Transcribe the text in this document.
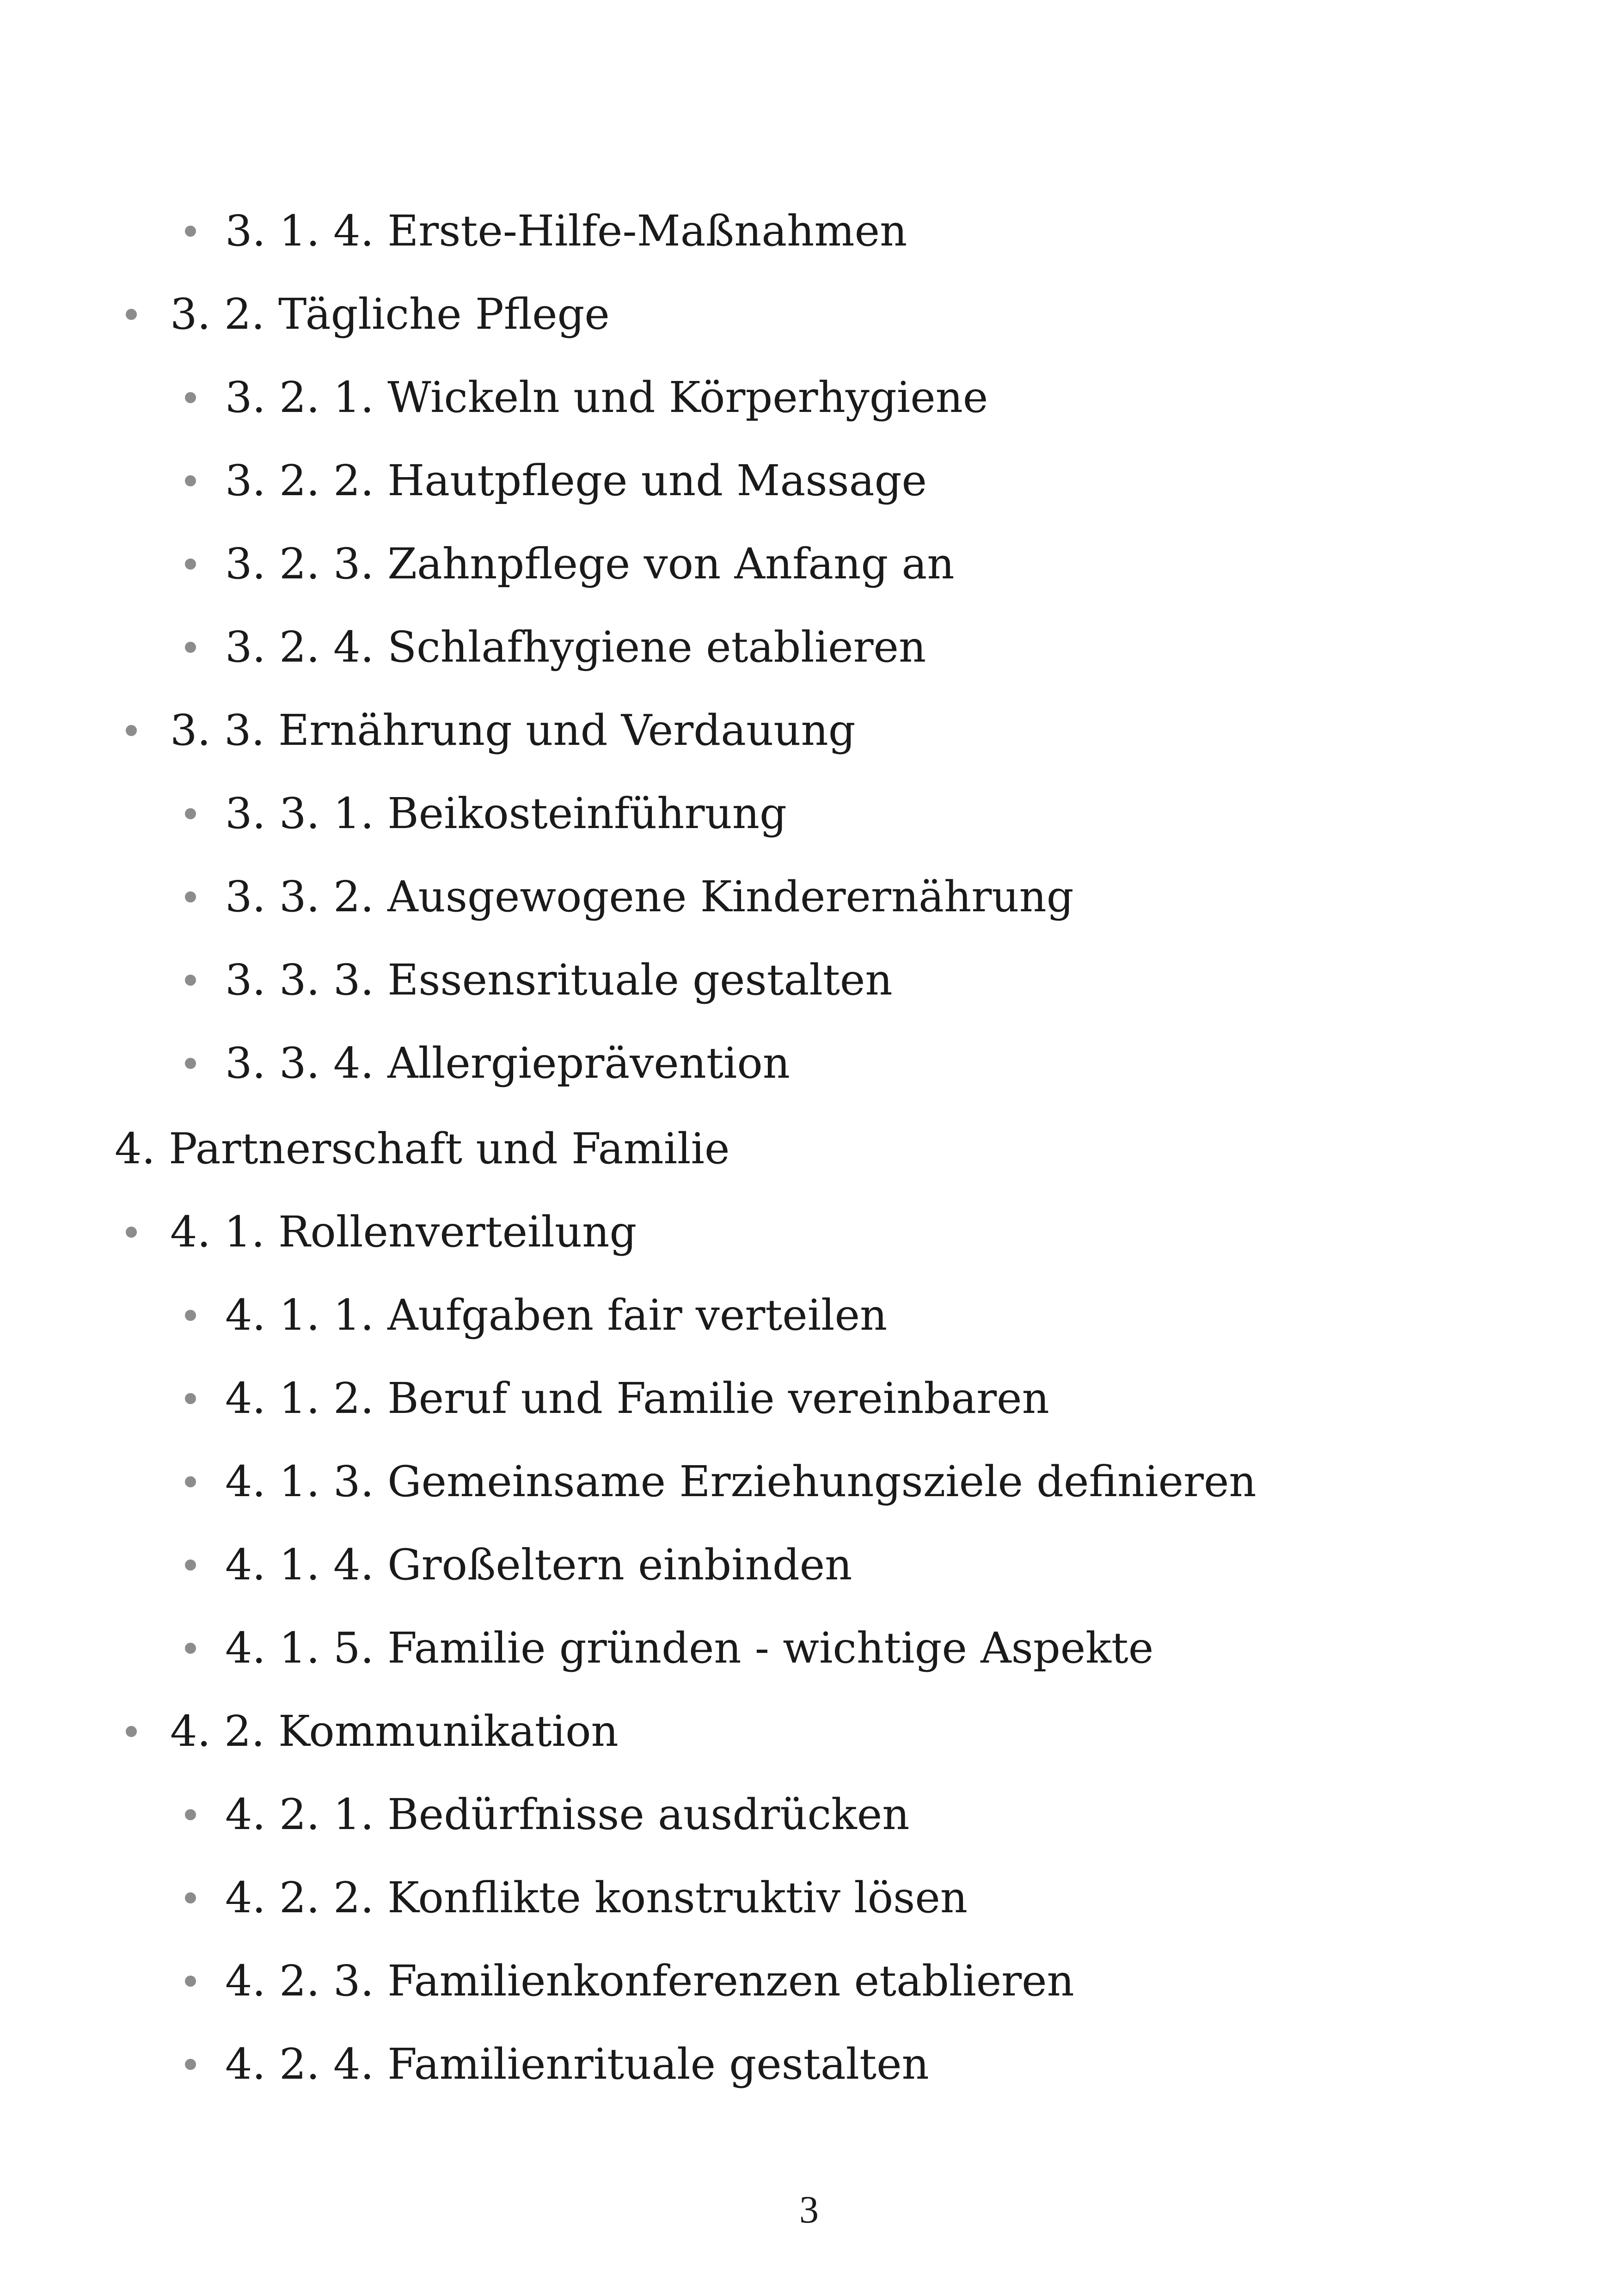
3. 1. 4. Erste-Hilfe-Maßnahmen
3. 2. Tägliche Pflege
3. 2. 1. Wickeln und Körperhygiene
3. 2. 2. Hautpflege und Massage
3. 2. 3. Zahnpflege von Anfang an
3. 2. 4. Schlafhygiene etablieren
3. 3. Ernährung und Verdauung
3. 3. 1. Beikosteinführung
3. 3. 2. Ausgewogene Kinderernährung
3. 3. 3. Essensrituale gestalten
3. 3. 4. Allergieprävention
4. Partnerschaft und Familie
4. 1. Rollenverteilung
4. 1. 1. Aufgaben fair verteilen
4. 1. 2. Beruf und Familie vereinbaren
4. 1. 3. Gemeinsame Erziehungsziele definieren
4. 1. 4. Großeltern einbinden
4. 1. 5. Familie gründen - wichtige Aspekte
4. 2. Kommunikation
4. 2. 1. Bedürfnisse ausdrücken
4. 2. 2. Konflikte konstruktiv lösen
4. 2. 3. Familienkonferenzen etablieren
4. 2. 4. Familienrituale gestalten
3
